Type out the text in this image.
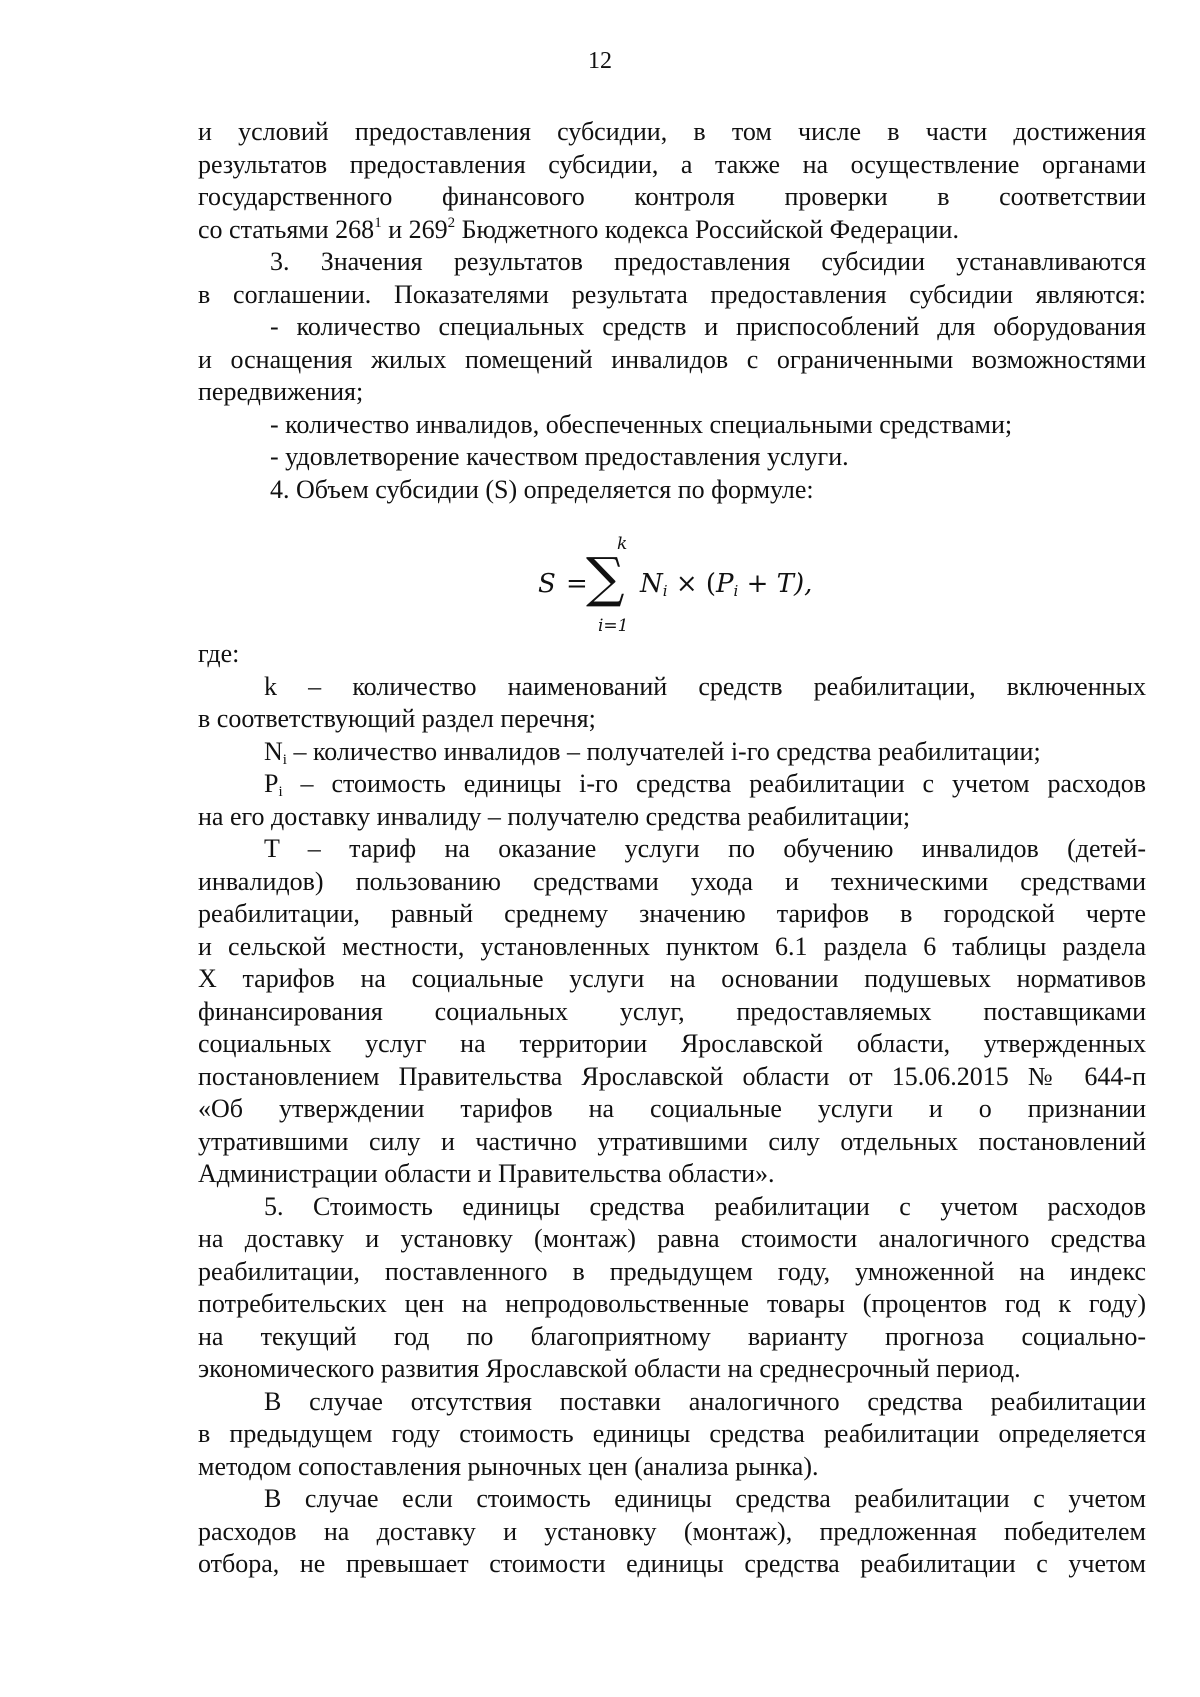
12

и условий предоставления субсидии, в том числе в части достижения

результатов предоставления субсидии, а также на осуществление органами

государственного финансового контроля проверки в соответствии

со статьями $268^1$ и $269^2$ Бюджетного кодекса Российской Федерации.

3. Значения результатов предоставления субсидии устанавливаются

в соглашении. Показателями результата предоставления субсидии являются:

- количество специальных средств и приспособлений для оборудования

и оснащения жилых помещений инвалидов с ограниченными возможностями

передвижения;

- количество инвалидов, обеспеченных специальными средствами;

- удовлетворение качеством предоставления услуги.

4. Объем субсидии (S) определяется по формуле:

S =
∑
k
i=1
$N_i \times (P_i + T)$,

где:

k – количество наименований средств реабилитации, включенных

в соответствующий раздел перечня;

$N_i$ – количество инвалидов – получателей i-го средства реабилитации;

$P_i$ – стоимость единицы i-го средства реабилитации с учетом расходов

на его доставку инвалиду – получателю средства реабилитации;

T – тариф на оказание услуги по обучению инвалидов (детей-

инвалидов) пользованию средствами ухода и техническими средствами

реабилитации, равный среднему значению тарифов в городской черте

и сельской местности, установленных пунктом 6.1 раздела 6 таблицы раздела

X тарифов на социальные услуги на основании подушевых нормативов

финансирования социальных услуг, предоставляемых поставщиками

социальных услуг на территории Ярославской области, утвержденных

постановлением Правительства Ярославской области от 15.06.2015 № 644-п

«Об утверждении тарифов на социальные услуги и о признании

утратившими силу и частично утратившими силу отдельных постановлений

Администрации области и Правительства области».

5. Стоимость единицы средства реабилитации с учетом расходов

на доставку и установку (монтаж) равна стоимости аналогичного средства

реабилитации, поставленного в предыдущем году, умноженной на индекс

потребительских цен на непродовольственные товары (процентов год к году)

на текущий год по благоприятному варианту прогноза социально-

экономического развития Ярославской области на среднесрочный период.

В случае отсутствия поставки аналогичного средства реабилитации

в предыдущем году стоимость единицы средства реабилитации определяется

методом сопоставления рыночных цен (анализа рынка).

В случае если стоимость единицы средства реабилитации с учетом

расходов на доставку и установку (монтаж), предложенная победителем

отбора, не превышает стоимости единицы средства реабилитации с учетом
